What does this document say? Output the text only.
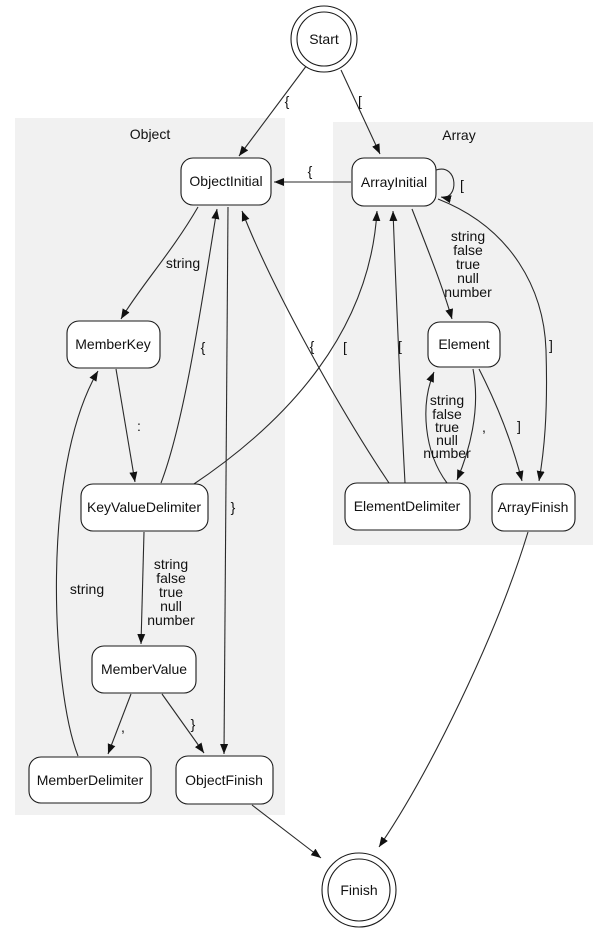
Object	Array
{	[
{
[
string
}
:
string
false
true
null
number
{	[
,	}
string
string
false
true
null
number
]
, ]
string
false
true
null
number
{	[
Start
ObjectInitial	ArrayInitial
MemberKey
KeyValueDelimiter
MemberValue
MemberDelimiter	ObjectFinish
Element
ElementDelimiter	ArrayFinish
Finish
